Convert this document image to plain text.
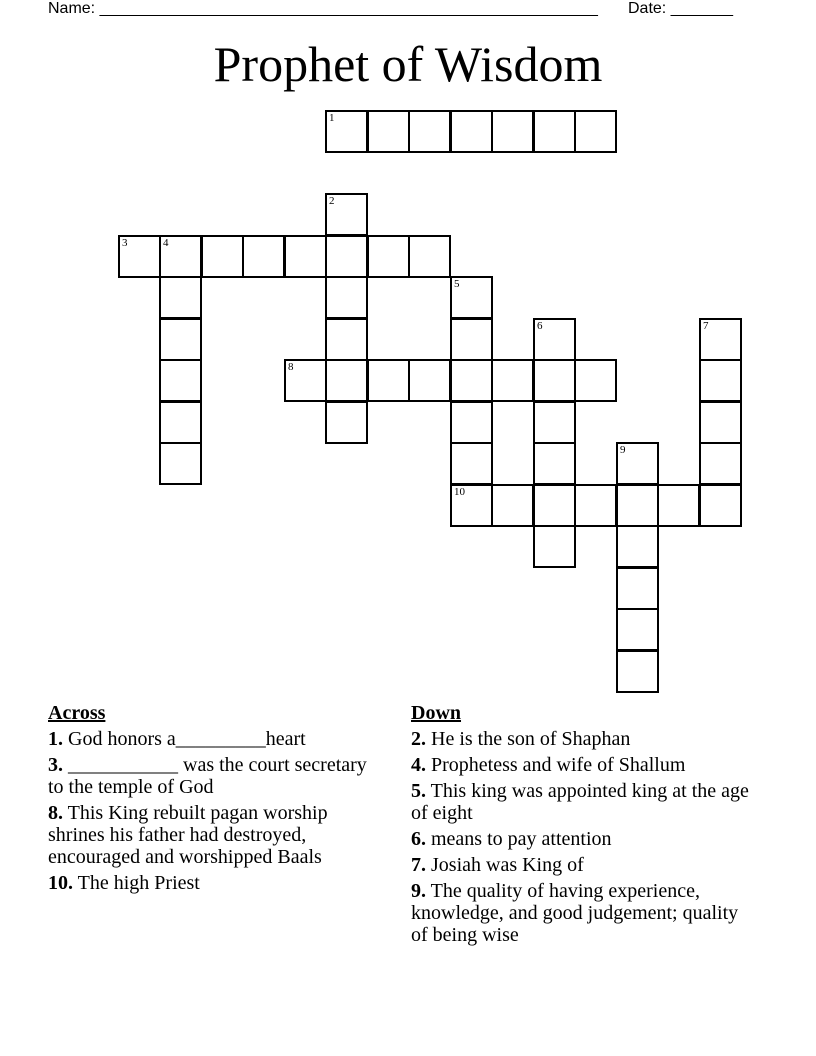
Name: ________________________________________________________ Date: _______
Prophet of Wisdom
1
2
3	4
5
6	7
8
9
10
Across
1. God honors a_________heart
3. ___________ was the court secretary to the temple of God
8. This King rebuilt pagan worship shrines his father had destroyed, encouraged and worshipped Baals
10. The high Priest
Down
2. He is the son of Shaphan
4. Prophetess and wife of Shallum
5. This king was appointed king at the age of eight
6. means to pay attention
7. Josiah was King of
9. The quality of having experience, knowledge, and good judgement; quality of being wise
